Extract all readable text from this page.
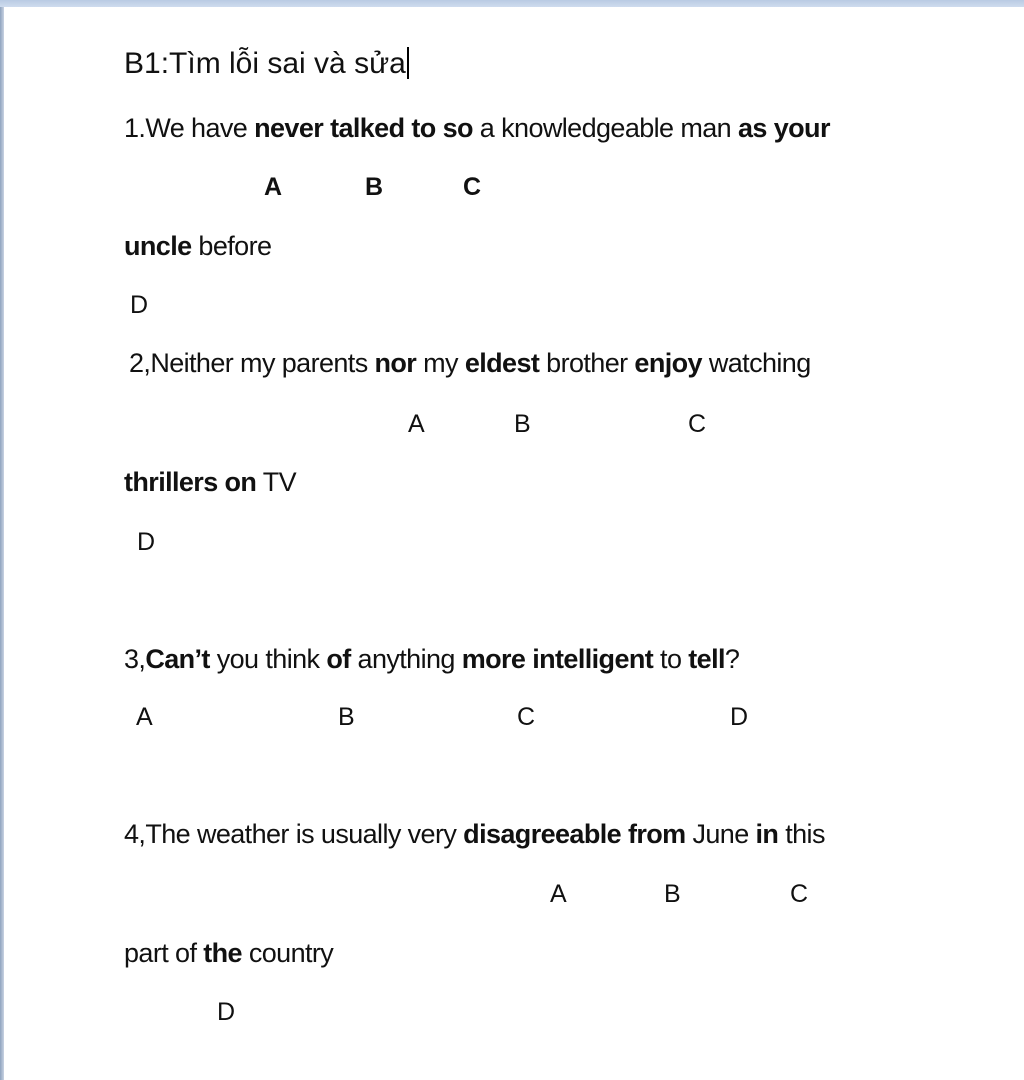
B1:Tìm lỗi sai và sửa
1.We have never talked to so a knowledgeable man as your
A	B	C
uncle before
D
2,Neither my parents nor my eldest brother enjoy watching
A	B	C
thrillers on TV
D
3,Can’t you think of anything more intelligent to tell?
A	B	C	D
4,The weather is usually very disagreeable from June in this
A	B	C
part of the country
D
